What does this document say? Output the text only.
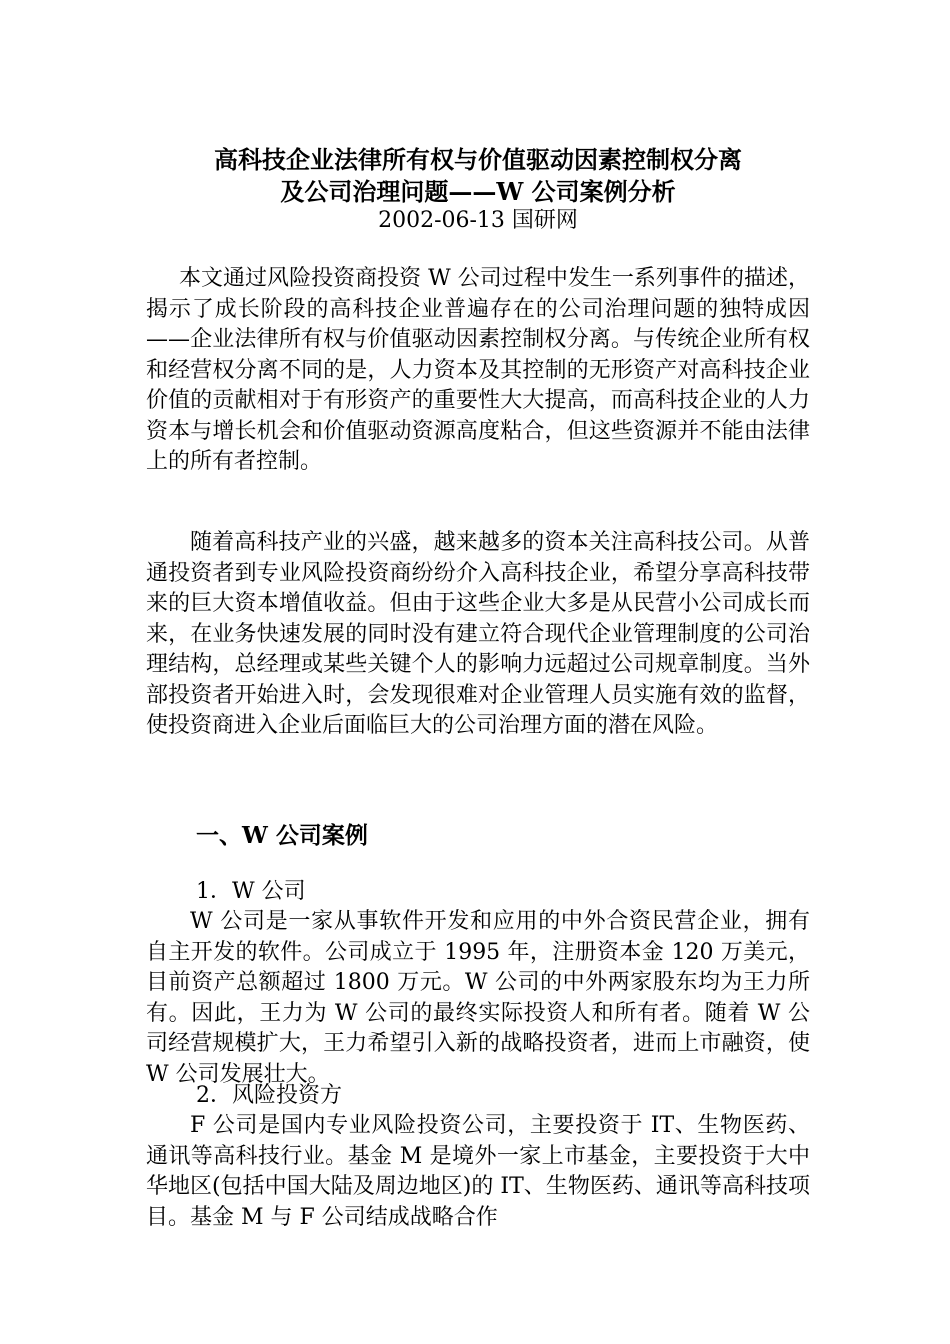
高科技企业法律所有权与价值驱动因素控制权分离
及公司治理问题——W 公司案例分析
2002-06-13 国研网

本文通过风险投资商投资 W 公司过程中发生一系列事件的描述，揭示了成长阶段的高科技企业普遍存在的公司治理问题的独特成因——企业法律所有权与价值驱动因素控制权分离。与传统企业所有权和经营权分离不同的是，人力资本及其控制的无形资产对高科技企业价值的贡献相对于有形资产的重要性大大提高，而高科技企业的人力资本与增长机会和价值驱动资源高度粘合，但这些资源并不能由法律上的所有者控制。

随着高科技产业的兴盛，越来越多的资本关注高科技公司。从普通投资者到专业风险投资商纷纷介入高科技企业，希望分享高科技带来的巨大资本增值收益。但由于这些企业大多是从民营小公司成长而来，在业务快速发展的同时没有建立符合现代企业管理制度的公司治理结构，总经理或某些关键个人的影响力远超过公司规章制度。当外部投资者开始进入时，会发现很难对企业管理人员实施有效的监督，使投资商进入企业后面临巨大的公司治理方面的潜在风险。

一、W 公司案例
1．W 公司

W 公司是一家从事软件开发和应用的中外合资民营企业，拥有自主开发的软件。公司成立于 1995 年，注册资本金 120 万美元，目前资产总额超过 1800 万元。W 公司的中外两家股东均为王力所有。因此，王力为 W 公司的最终实际投资人和所有者。随着 W 公司经营规模扩大，王力希望引入新的战略投资者，进而上市融资，使 W 公司发展壮大。

2．风险投资方

F 公司是国内专业风险投资公司，主要投资于 IT、生物医药、通讯等高科技行业。基金 M 是境外一家上市基金，主要投资于大中华地区(包括中国大陆及周边地区)的 IT、生物医药、通讯等高科技项目。基金 M 与 F 公司结成战略合作
